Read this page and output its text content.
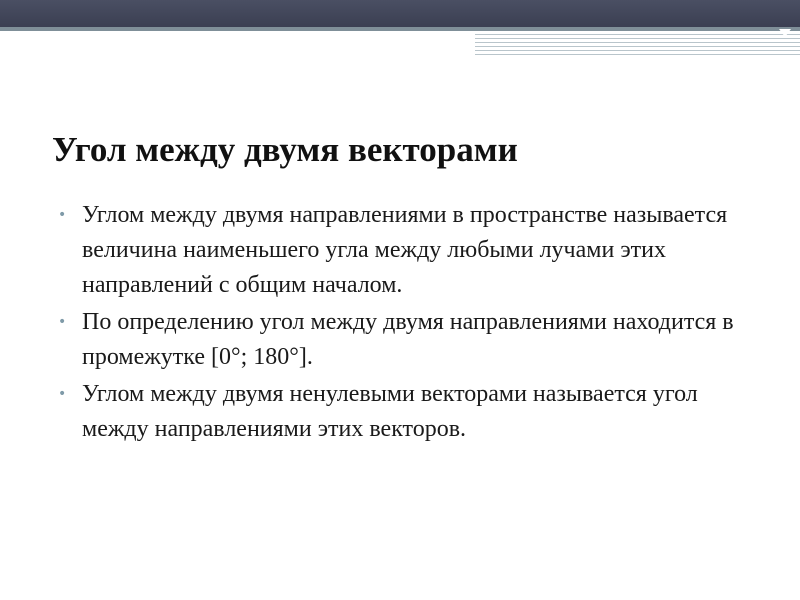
Угол между двумя векторами
• Углом между двумя направлениями в пространстве называется величина наименьшего угла между любыми лучами этих направлений с общим началом.
• По определению угол между двумя направлениями находится в промежутке [0°; 180°].
• Углом между двумя ненулевыми векторами называется угол между направлениями этих векторов.
